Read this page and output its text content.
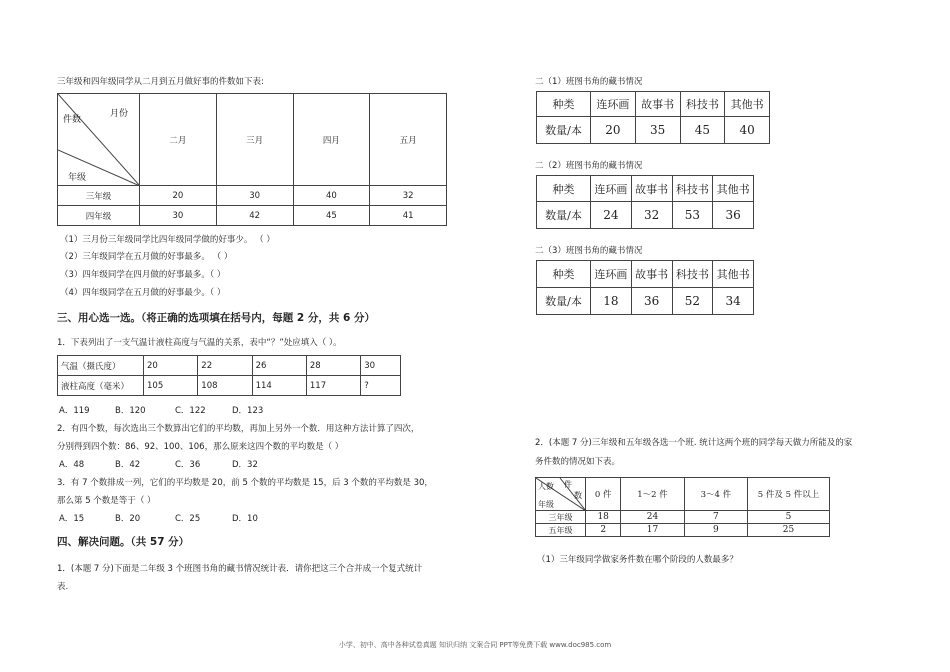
三年级和四年级同学从二月到五月做好事的件数如下表:
月份
件数
年级	二月	三月	四月	五月
三年级	20	30	40	32
四年级	30	42	45	41
（1）三月份三年级同学比四年级同学做的好事少。 （ ）
（2）三年级同学在五月做的好事最多。 （ ）
（3）四年级同学在四月做的好事最多。（ ）
（4）四年级同学在五月做的好事最少。（ ）
三、用心选一选。（将正确的选项填在括号内，每题 2 分，共 6 分）
1．下表列出了一支气温计液柱高度与气温的关系，表中“？”处应填入（ ）。
气温（摄氏度）	20	22	26	28	30
液柱高度（毫米）	105	108	114	117	?
A．119	B．120	C．122	D．123
2．有四个数，每次选出三个数算出它们的平均数，再加上另外一个数．用这种方法计算了四次，
分别得到四个数：86、92、100、106，那么原来这四个数的平均数是（ ）
A．48	B．42	C．36	D．32
3．有 7 个数排成一列，它们的平均数是 20，前 5 个数的平均数是 15，后 3 个数的平均数是 30，
那么第 5 个数是等于（ ）
A．15	B．20	C．25	D．10
四、解决问题。（共 57 分）
1．(本题 7 分)下面是二年级 3 个班图书角的藏书情况统计表．请你把这三个合并成一个复式统计
表.
二（1）班图书角的藏书情况
种类	连环画	故事书	科技书	其他书
数量/本	20	35	45	40
二（2）班图书角的藏书情况
种类	连环画	故事书	科技书	其他书
数量/本	24	32	53	36
二（3）班图书角的藏书情况
种类	连环画	故事书	科技书	其他书
数量/本	18	36	52	34
2．(本题 7 分)三年级和五年级各选一个班. 统计这两个班的同学每天做力所能及的家
务件数的情况如下表。
件
人数
数
年级	0 件	1～2 件	3～4 件	5 件及 5 件以上
三年级	18	24	7	5
五年级	2	17	9	25
（1）三年级同学做家务件数在哪个阶段的人数最多？
小学、初中、高中各种试卷真题 知识归纳 文案合同 PPT等免费下载 www.doc985.com
